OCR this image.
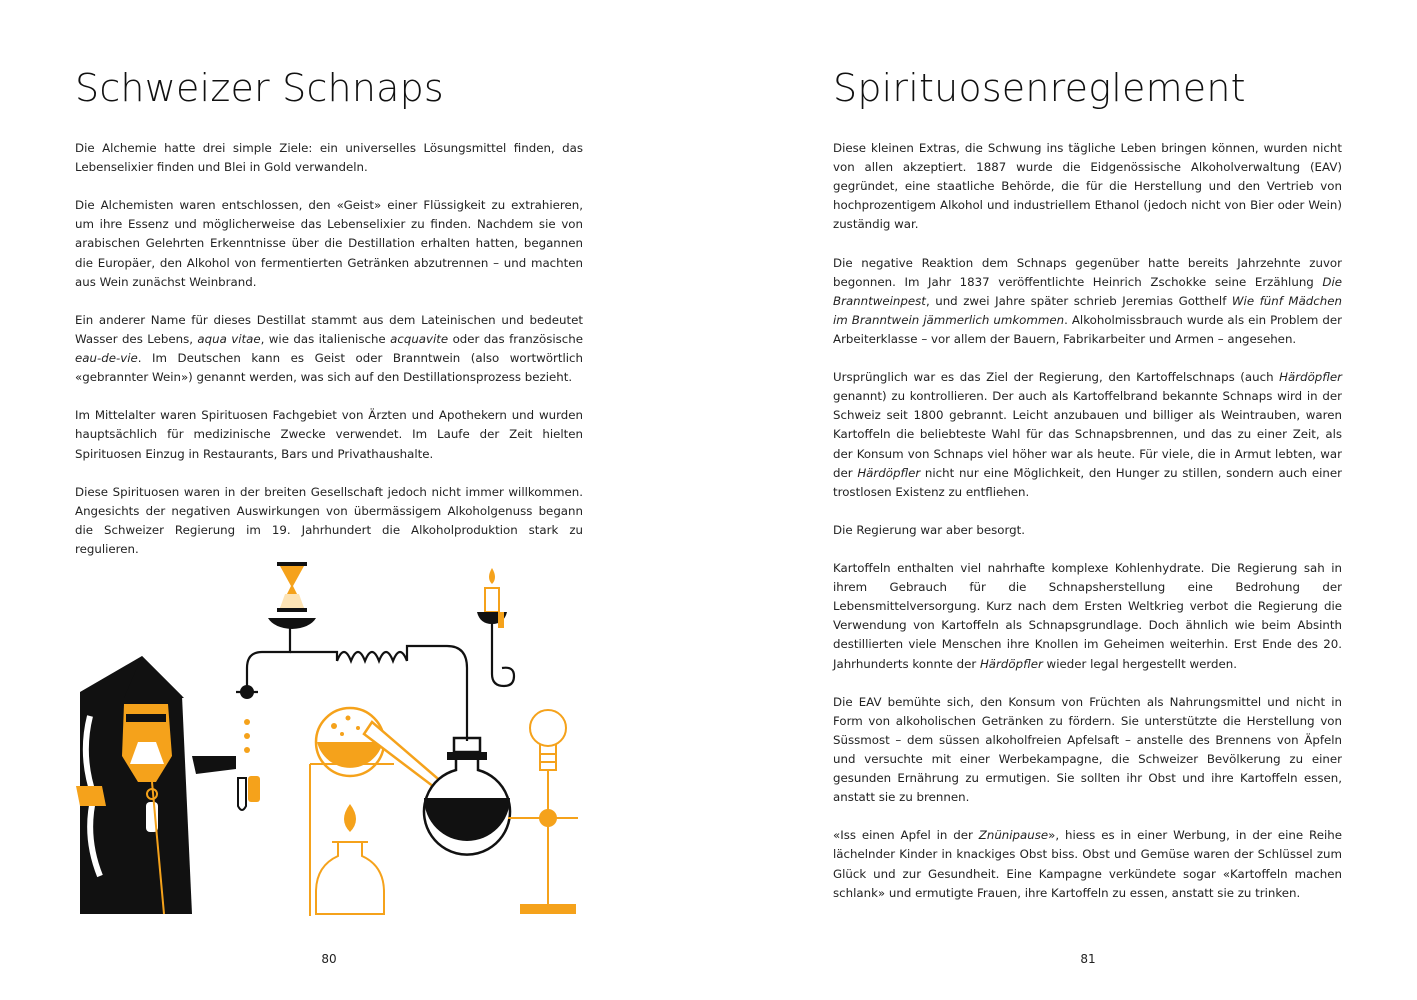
Schweizer Schnaps

Die Alchemie hatte drei simple Ziele: ein universelles Lösungsmittel finden, das Lebenselixier finden und Blei in Gold verwandeln.

Die Alchemisten waren entschlossen, den «Geist» einer Flüssigkeit zu extrahieren, um ihre Essenz und möglicherweise das Lebenselixier zu finden. Nachdem sie von arabischen Gelehrten Erkenntnisse über die Destillation erhalten hatten, begannen die Europäer, den Alkohol von fermentierten Getränken abzutrennen – und machten aus Wein zunächst Weinbrand.

Ein anderer Name für dieses Destillat stammt aus dem Lateinischen und bedeutet Wasser des Lebens, aqua vitae, wie das italienische acquavite oder das französische eau-de-vie. Im Deutschen kann es Geist oder Branntwein (also wortwörtlich «gebrannter Wein») genannt werden, was sich auf den Destillationsprozess bezieht.

Im Mittelalter waren Spirituosen Fachgebiet von Ärzten und Apothekern und wurden hauptsächlich für medizinische Zwecke verwendet. Im Laufe der Zeit hielten Spirituosen Einzug in Restaurants, Bars und Privathaushalte.

Diese Spirituosen waren in der breiten Gesellschaft jedoch nicht immer willkommen. Angesichts der negativen Auswirkungen von übermässigem Alkoholgenuss begann die Schweizer Regierung im 19. Jahrhundert die Alkoholproduktion stark zu regulieren.

80
Spirituosenreglement

Diese kleinen Extras, die Schwung ins tägliche Leben bringen können, wurden nicht von allen akzeptiert. 1887 wurde die Eidgenössische Alkoholverwaltung (EAV) gegründet, eine staatliche Behörde, die für die Herstellung und den Vertrieb von hochprozentigem Alkohol und industriellem Ethanol (jedoch nicht von Bier oder Wein) zuständig war.

Die negative Reaktion dem Schnaps gegenüber hatte bereits Jahrzehnte zuvor begonnen. Im Jahr 1837 veröffentlichte Heinrich Zschokke seine Erzählung Die Branntweinpest, und zwei Jahre später schrieb Jeremias Gotthelf Wie fünf Mädchen im Branntwein jämmerlich umkommen. Alkoholmissbrauch wurde als ein Problem der Arbeiterklasse – vor allem der Bauern, Fabrikarbeiter und Armen – angesehen.

Ursprünglich war es das Ziel der Regierung, den Kartoffelschnaps (auch Härdöpfler genannt) zu kontrollieren. Der auch als Kartoffelbrand bekannte Schnaps wird in der Schweiz seit 1800 gebrannt. Leicht anzubauen und billiger als Weintrauben, waren Kartoffeln die beliebteste Wahl für das Schnapsbrennen, und das zu einer Zeit, als der Konsum von Schnaps viel höher war als heute. Für viele, die in Armut lebten, war der Härdöpfler nicht nur eine Möglichkeit, den Hunger zu stillen, sondern auch einer trostlosen Existenz zu entfliehen.

Die Regierung war aber besorgt.

Kartoffeln enthalten viel nahrhafte komplexe Kohlenhydrate. Die Regierung sah in ihrem Gebrauch für die Schnapsherstellung eine Bedrohung der Lebensmittelversorgung. Kurz nach dem Ersten Weltkrieg verbot die Regierung die Verwendung von Kartoffeln als Schnapsgrundlage. Doch ähnlich wie beim Absinth destillierten viele Menschen ihre Knollen im Geheimen weiterhin. Erst Ende des 20. Jahrhunderts konnte der Härdöpfler wieder legal hergestellt werden.

Die EAV bemühte sich, den Konsum von Früchten als Nahrungsmittel und nicht in Form von alkoholischen Getränken zu fördern. Sie unterstützte die Herstellung von Süssmost – dem süssen alkoholfreien Apfelsaft – anstelle des Brennens von Äpfeln und versuchte mit einer Werbekampagne, die Schweizer Bevölkerung zu einer gesunden Ernährung zu ermutigen. Sie sollten ihr Obst und ihre Kartoffeln essen, anstatt sie zu brennen.

«Iss einen Apfel in der Znünipause», hiess es in einer Werbung, in der eine Reihe lächelnder Kinder in knackiges Obst biss. Obst und Gemüse waren der Schlüssel zum Glück und zur Gesundheit. Eine Kampagne verkündete sogar «Kartoffeln machen schlank» und ermutigte Frauen, ihre Kartoffeln zu essen, anstatt sie zu trinken.

81
